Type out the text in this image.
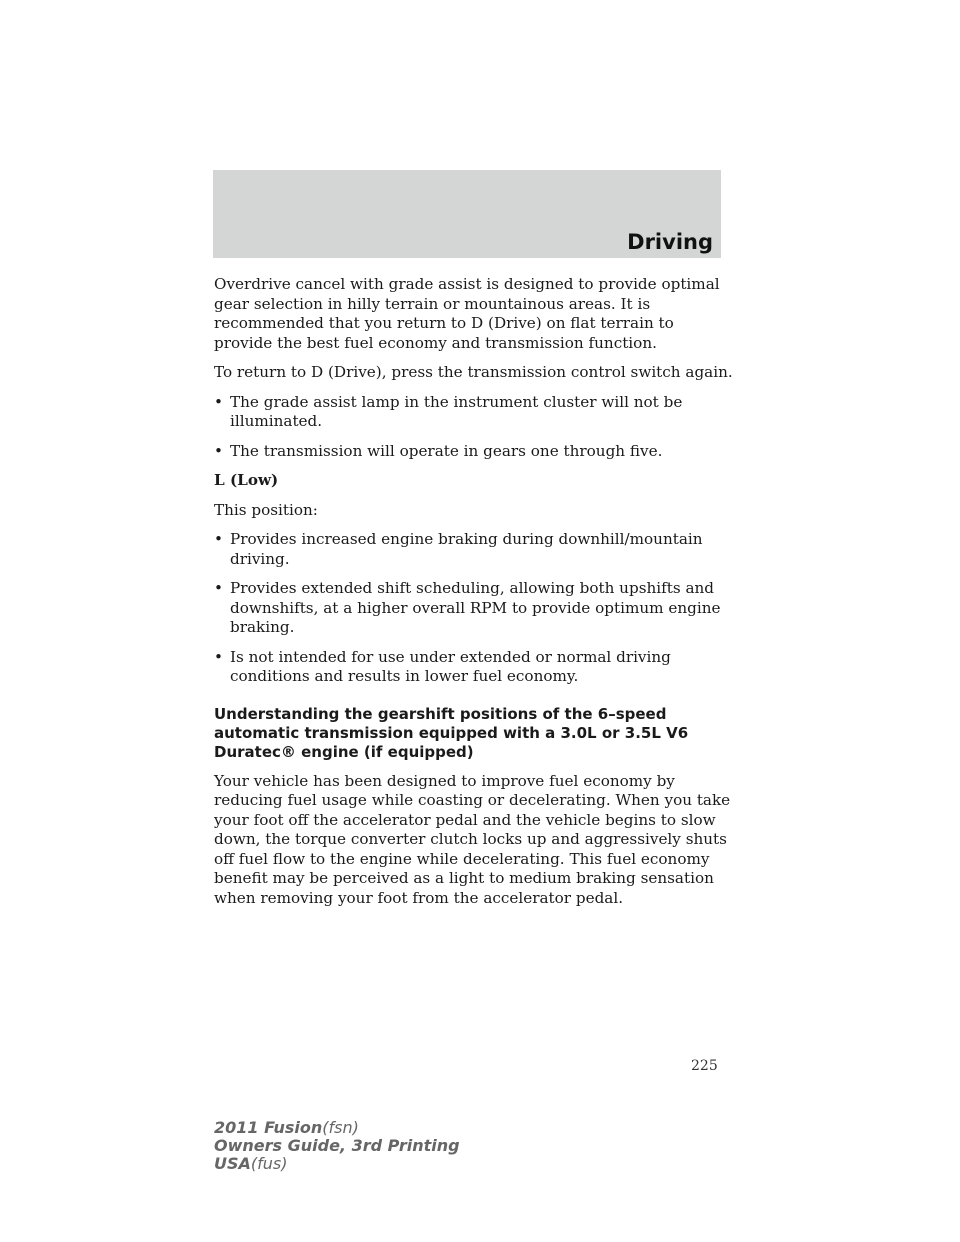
Driving

Overdrive cancel with grade assist is designed to provide optimal gear selection in hilly terrain or mountainous areas. It is recommended that you return to D (Drive) on flat terrain to provide the best fuel economy and transmission function.

To return to D (Drive), press the transmission control switch again.

• The grade assist lamp in the instrument cluster will not be illuminated.
• The transmission will operate in gears one through five.
L (Low)

This position:

• Provides increased engine braking during downhill/mountain driving.
• Provides extended shift scheduling, allowing both upshifts and downshifts, at a higher overall RPM to provide optimum engine braking.
• Is not intended for use under extended or normal driving conditions and results in lower fuel economy.
Understanding the gearshift positions of the 6–speed automatic transmission equipped with a 3.0L or 3.5L V6 Duratec® engine (if equipped)

Your vehicle has been designed to improve fuel economy by reducing fuel usage while coasting or decelerating. When you take your foot off the accelerator pedal and the vehicle begins to slow down, the torque converter clutch locks up and aggressively shuts off fuel flow to the engine while decelerating. This fuel economy benefit may be perceived as a light to medium braking sensation when removing your foot from the accelerator pedal.

225
2011 Fusion(fsn)
Owners Guide, 3rd Printing
USA(fus)
